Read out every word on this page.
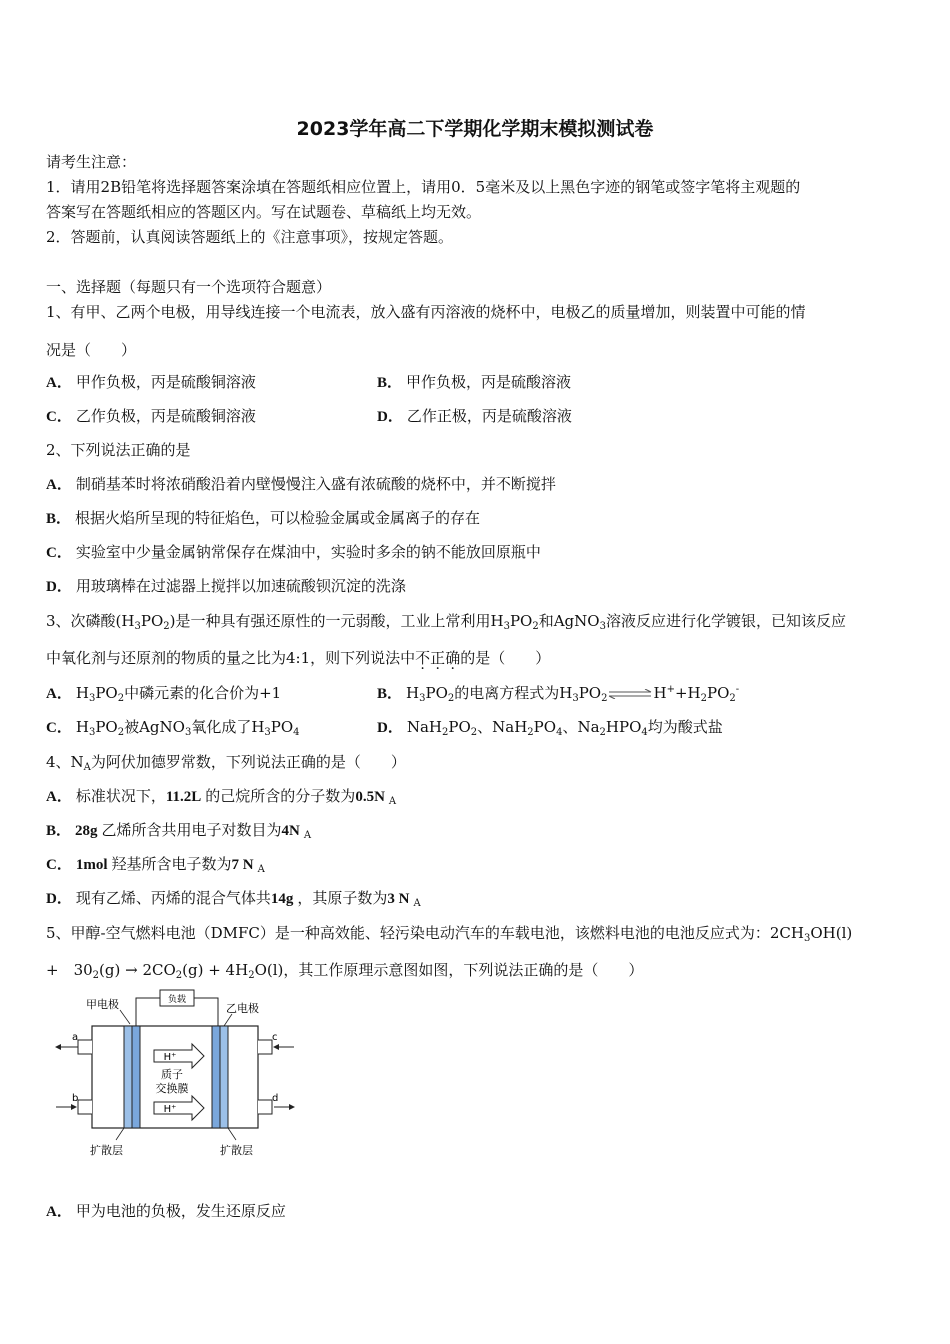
2023学年高二下学期化学期末模拟测试卷
请考生注意：
1．请用2B铅笔将选择题答案涂填在答题纸相应位置上，请用0．5毫米及以上黑色字迹的钢笔或签字笔将主观题的
答案写在答题纸相应的答题区内。写在试题卷、草稿纸上均无效。
2．答题前，认真阅读答题纸上的《注意事项》，按规定答题。
一、选择题（每题只有一个选项符合题意）
1、有甲、乙两个电极，用导线连接一个电流表，放入盛有丙溶液的烧杯中，电极乙的质量增加，则装置中可能的情
况是（　　）
A． 甲作负极，丙是硫酸铜溶液	B． 甲作负极，丙是硫酸溶液
C． 乙作负极，丙是硫酸铜溶液	D． 乙作正极，丙是硫酸溶液
2、下列说法正确的是
A． 制硝基苯时将浓硝酸沿着内壁慢慢注入盛有浓硫酸的烧杯中，并不断搅拌
B． 根据火焰所呈现的特征焰色，可以检验金属或金属离子的存在
C． 实验室中少量金属钠常保存在煤油中，实验时多余的钠不能放回原瓶中
D． 用玻璃棒在过滤器上搅拌以加速硫酸钡沉淀的洗涤
3、次磷酸$(H_3PO_2)$是一种具有强还原性的一元弱酸，工业上常利用$H_3PO_2$和AgNO$_3$溶液反应进行化学镀银，已知该反应
中氧化剂与还原剂的物质的量之比为4:1，则下列说法中不正确的是（　　）
A． $H_3PO_2$中磷元素的化合价为+1	B． $H_3PO_2$的电离方程式为$H_3PO_2\rightleftharpoons H^++H_2PO_2^-$
C． $H_3PO_2$被AgNO$_3$氧化成了$H_3PO_4$	D． $NaH_2PO_2$、$NaH_2PO_4$、$Na_2HPO_4$均为酸式盐
4、$N_A$为阿伏加德罗常数，下列说法正确的是（　　）
A． 标准状况下，11.2L 的己烷所含的分子数为0.5N $_A$
B． 28g 乙烯所含共用电子对数目为4N $_A$
C． 1mol 羟基所含电子数为7 N $_A$
D． 现有乙烯、丙烯的混合气体共14g ，其原子数为3 N $_A$
5、甲醇-空气燃料电池（DMFC）是一种高效能、轻污染电动汽车的车载电池，该燃料电池的电池反应式为：$2CH_3OH(l)$
+　$30_2(g) \to 2CO_2(g) + 4H_2O(l)$，其工作原理示意图如图，下列说法正确的是（　　）
负载
甲电极	乙电极
a
b
c
d
H⁺
H⁺
质子
交换膜
扩散层	扩散层
A． 甲为电池的负极，发生还原反应
